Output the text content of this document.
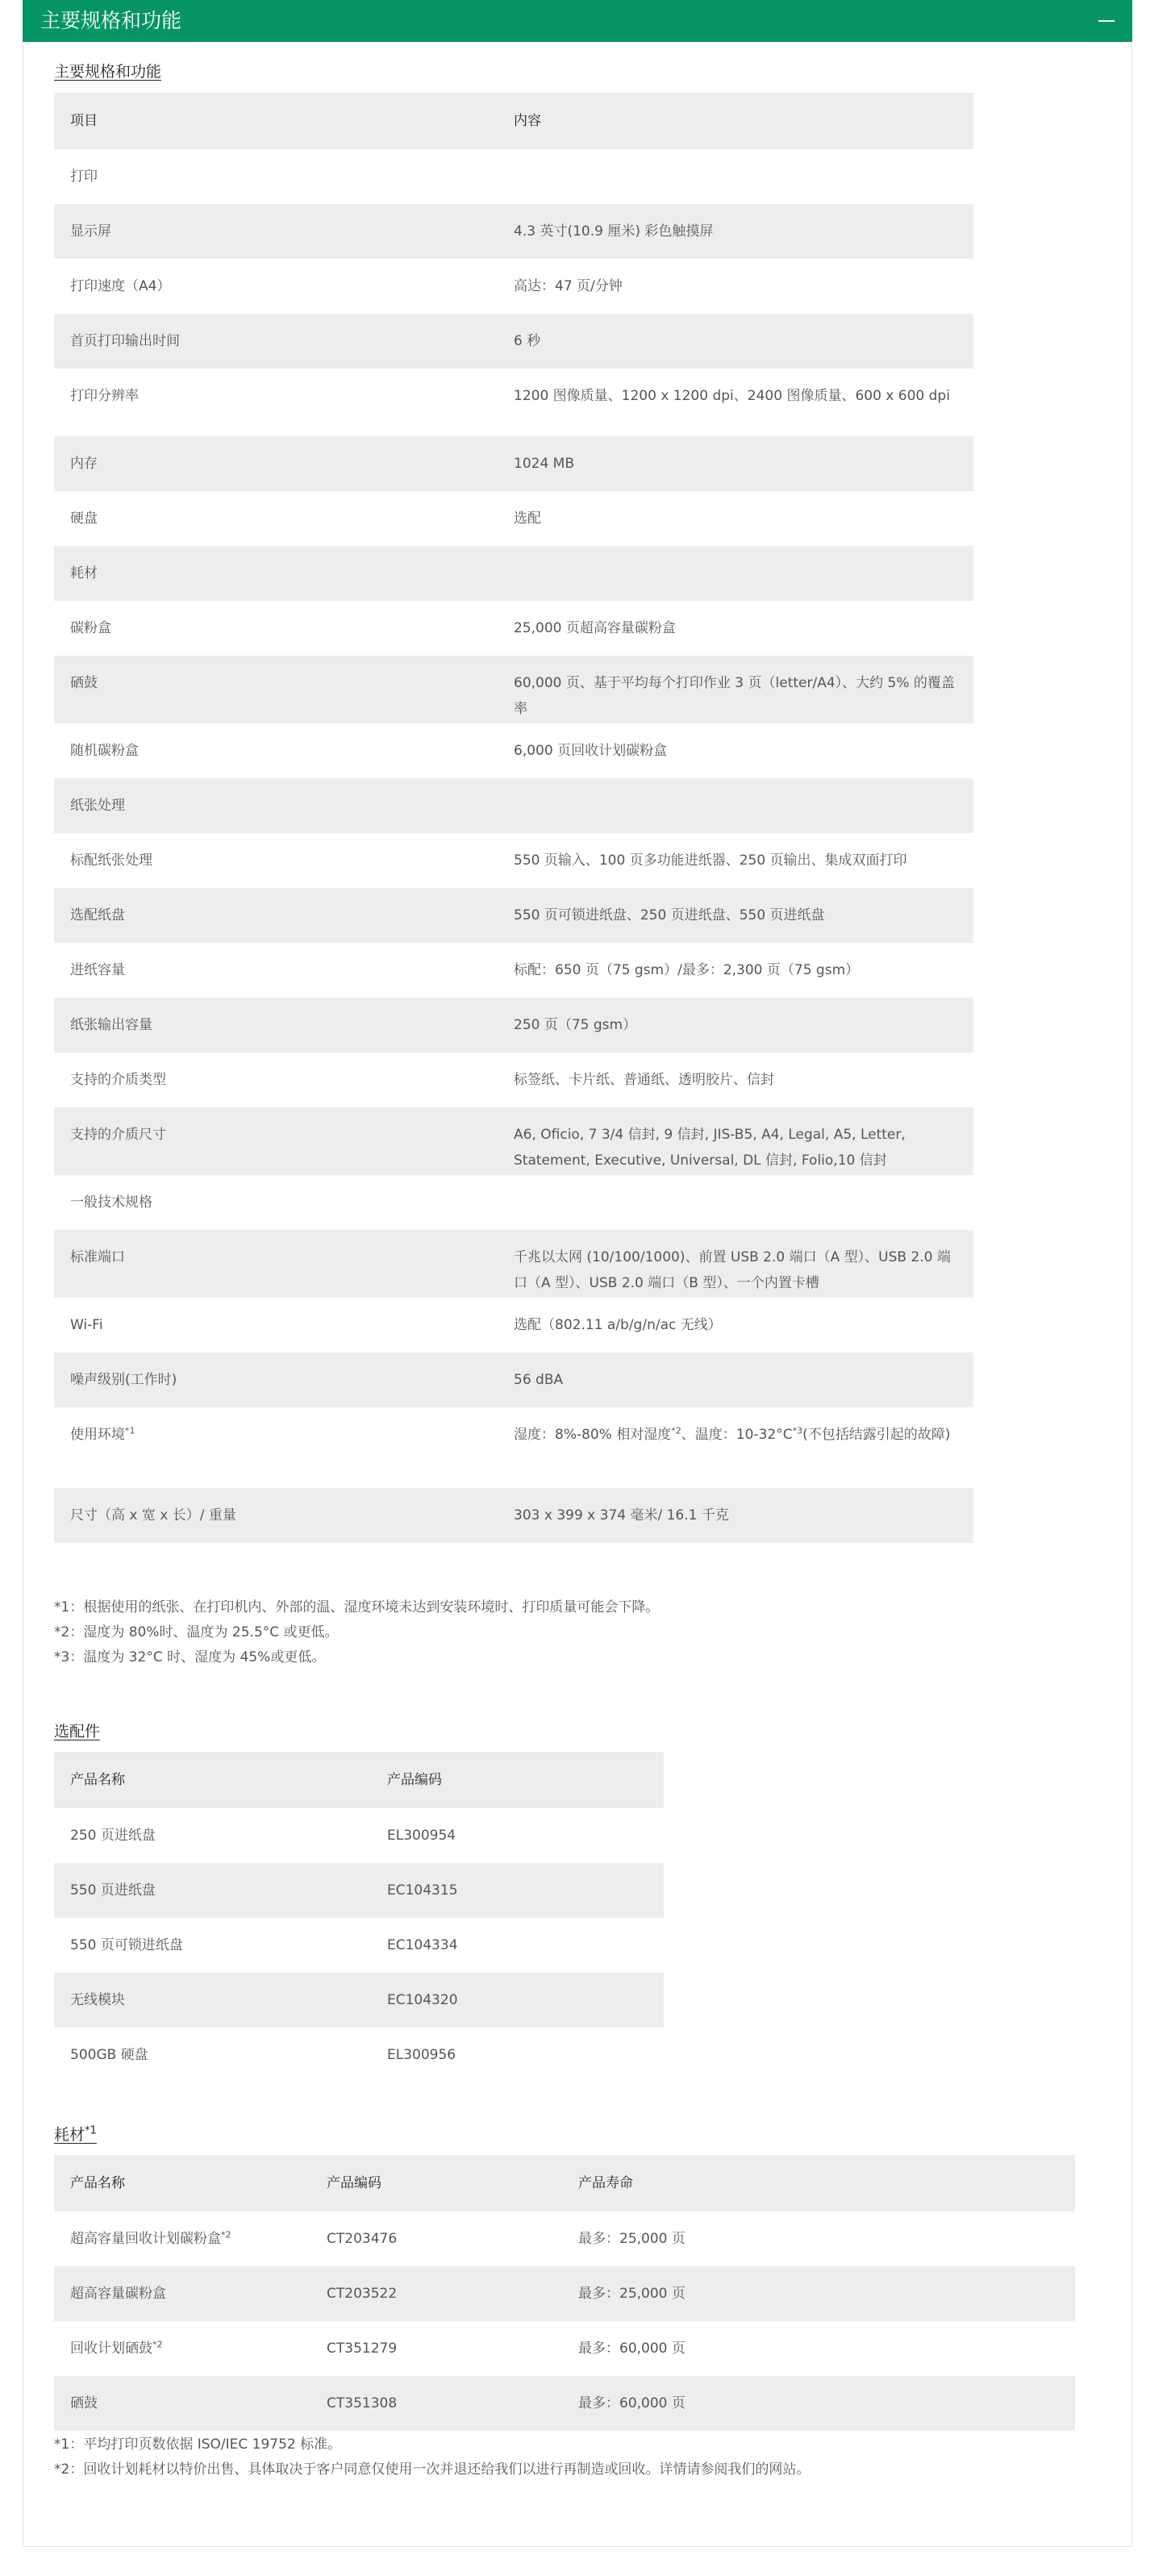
主要规格和功能
主要规格和功能
项目	内容
打印	
显示屏	4.3 英寸(10.9 厘米) 彩色触摸屏
打印速度（A4）	高达：47 页/分钟
首页打印输出时间	6 秒
打印分辨率	1200 图像质量、1200 x 1200 dpi、2400 图像质量、600 x 600 dpi
内存	1024 MB
硬盘	选配
耗材	
碳粉盒	25,000 页超高容量碳粉盒
硒鼓	60,000 页、基于平均每个打印作业 3 页（letter/A4）、大约 5% 的覆盖率
随机碳粉盒	6,000 页回收计划碳粉盒
纸张处理	
标配纸张处理	550 页输入、100 页多功能进纸器、250 页输出、集成双面打印
选配纸盘	550 页可锁进纸盘、250 页进纸盘、550 页进纸盘
进纸容量	标配：650 页（75 gsm）/最多：2,300 页（75 gsm）
纸张输出容量	250 页（75 gsm）
支持的介质类型	标签纸、卡片纸、普通纸、透明胶片、信封
支持的介质尺寸	A6, Oficio, 7 3/4 信封, 9 信封, JIS-B5, A4, Legal, A5, Letter, Statement, Executive, Universal, DL 信封, Folio,10 信封
一般技术规格	
标准端口	千兆以太网 (10/100/1000)、前置 USB 2.0 端口（A 型）、USB 2.0 端口（A 型）、USB 2.0 端口（B 型）、一个内置卡槽
Wi-Fi	选配（802.11 a/b/g/n/ac 无线）
噪声级别(工作时)	56 dBA
使用环境$^{*1}$	湿度：8%-80% 相对湿度$^{*2}$、温度：$10-32^\circ C^{*3}$(不包括结露引起的故障)
尺寸（高 x 宽 x 长）/ 重量	303 x 399 x 374 毫米/ 16.1 千克

*1：根据使用的纸张、在打印机内、外部的温、湿度环境未达到安装环境时、打印质量可能会下降。

*2：湿度为 80%时、温度为 25.5°C 或更低。

*3：温度为 32°C 时、湿度为 45%或更低。

选配件
产品名称	产品编码
250 页进纸盘	EL300954
550 页进纸盘	EC104315
550 页可锁进纸盘	EC104334
无线模块	EC104320
500GB 硬盘	EL300956
耗材$^{*1}$
产品名称	产品编码	产品寿命
超高容量回收计划碳粉盒$^{*2}$	CT203476	最多：25,000 页
超高容量碳粉盒	CT203522	最多：25,000 页
回收计划硒鼓$^{*2}$	CT351279	最多：60,000 页
硒鼓	CT351308	最多：60,000 页

*1：平均打印页数依据 ISO/IEC 19752 标准。

*2：回收计划耗材以特价出售、具体取决于客户同意仅使用一次并退还给我们以进行再制造或回收。详情请参阅我们的网站。
